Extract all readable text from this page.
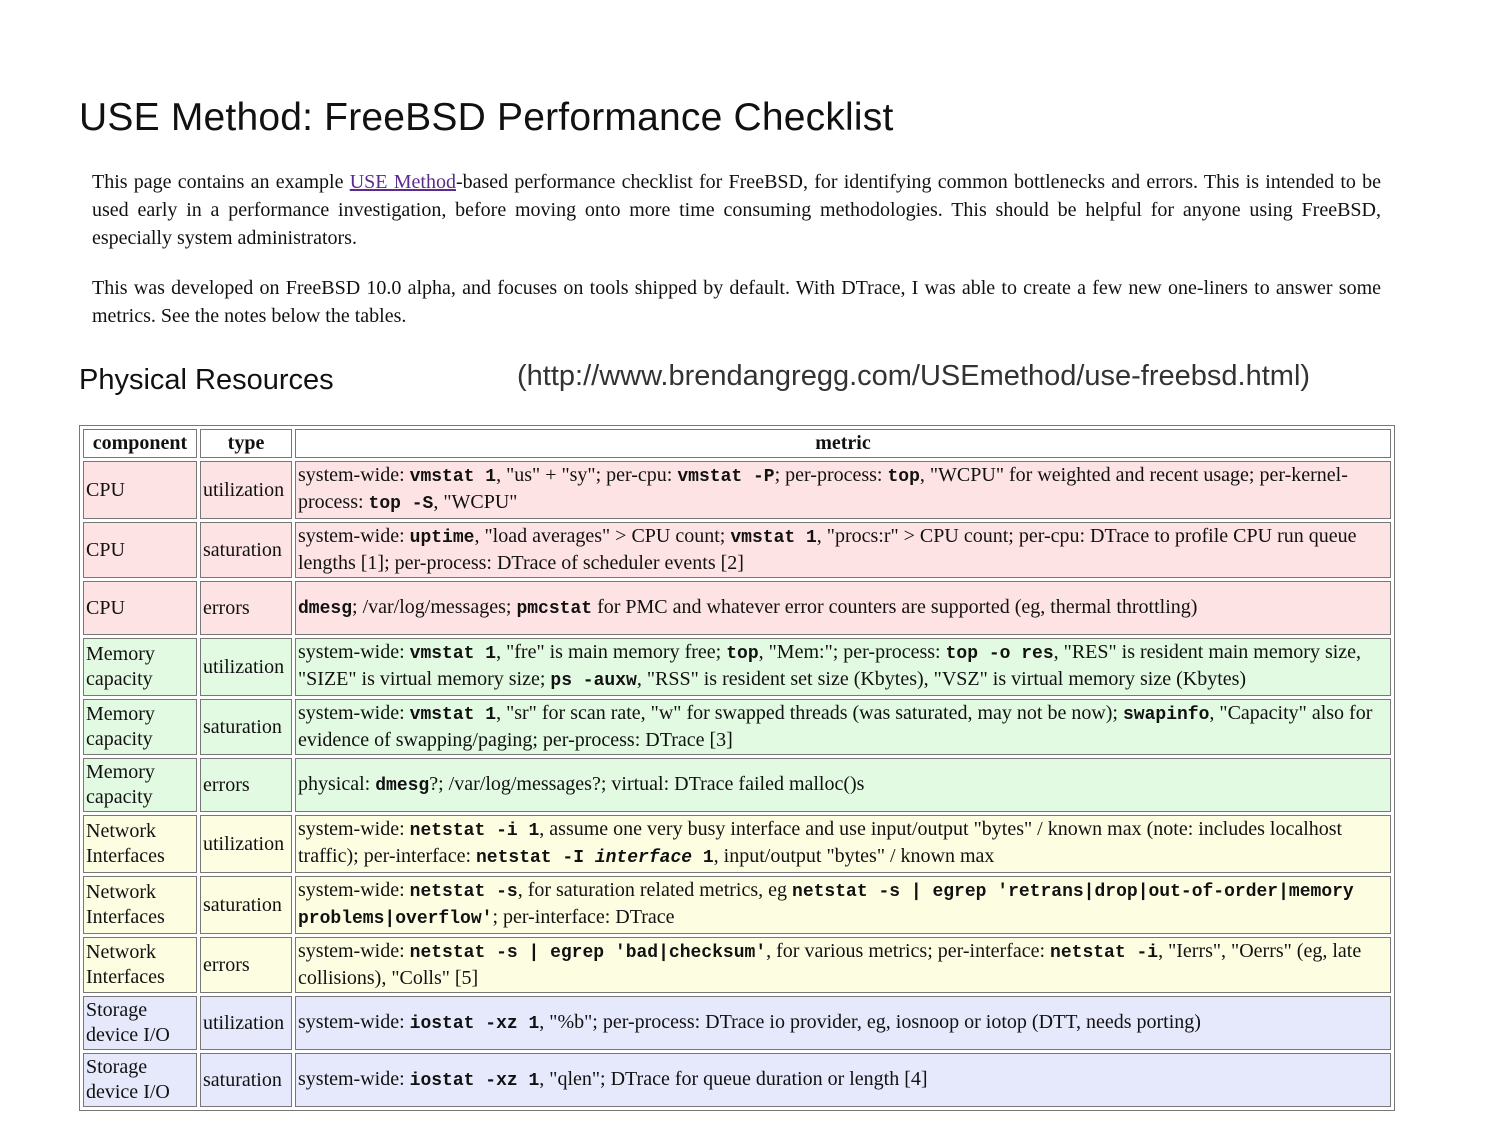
USE Method: FreeBSD Performance Checklist

This page contains an example USE Method-based performance checklist for FreeBSD, for identifying common bottlenecks and errors. This is intended to be used early in a performance investigation, before moving onto more time consuming methodologies. This should be helpful for anyone using FreeBSD, especially system administrators.

This was developed on FreeBSD 10.0 alpha, and focuses on tools shipped by default. With DTrace, I was able to create a few new one-liners to answer some metrics. See the notes below the tables.

Physical Resources	(http://www.brendangregg.com/USEmethod/use-freebsd.html)
component	type	metric
CPU	utilization	system-wide: vmstat 1, "us" + "sy"; per-cpu: vmstat -P; per-process: top, "WCPU" for weighted and recent usage; per-kernel-process: top -S, "WCPU"
CPU	saturation	system-wide: uptime, "load averages" > CPU count; vmstat 1, "procs:r" > CPU count; per-cpu: DTrace to profile CPU run queue lengths [1]; per-process: DTrace of scheduler events [2]
CPU	errors	dmesg; /var/log/messages; pmcstat for PMC and whatever error counters are supported (eg, thermal throttling)
Memory capacity	utilization	system-wide: vmstat 1, "fre" is main memory free; top, "Mem:"; per-process: top -o res, "RES" is resident main memory size, "SIZE" is virtual memory size; ps -auxw, "RSS" is resident set size (Kbytes), "VSZ" is virtual memory size (Kbytes)
Memory capacity	saturation	system-wide: vmstat 1, "sr" for scan rate, "w" for swapped threads (was saturated, may not be now); swapinfo, "Capacity" also for evidence of swapping/paging; per-process: DTrace [3]
Memory capacity	errors	physical: dmesg?; /var/log/messages?; virtual: DTrace failed malloc()s
Network Interfaces	utilization	system-wide: netstat -i 1, assume one very busy interface and use input/output "bytes" / known max (note: includes localhost traffic); per-interface: netstat -I interface 1, input/output "bytes" / known max
Network Interfaces	saturation	system-wide: netstat -s, for saturation related metrics, eg netstat -s | egrep 'retrans|drop|out-of-order|memory problems|overflow'; per-interface: DTrace
Network Interfaces	errors	system-wide: netstat -s | egrep 'bad|checksum', for various metrics; per-interface: netstat -i, "Ierrs", "Oerrs" (eg, late collisions), "Colls" [5]
Storage device I/O	utilization	system-wide: iostat -xz 1, "%b"; per-process: DTrace io provider, eg, iosnoop or iotop (DTT, needs porting)
Storage device I/O	saturation	system-wide: iostat -xz 1, "qlen"; DTrace for queue duration or length [4]
